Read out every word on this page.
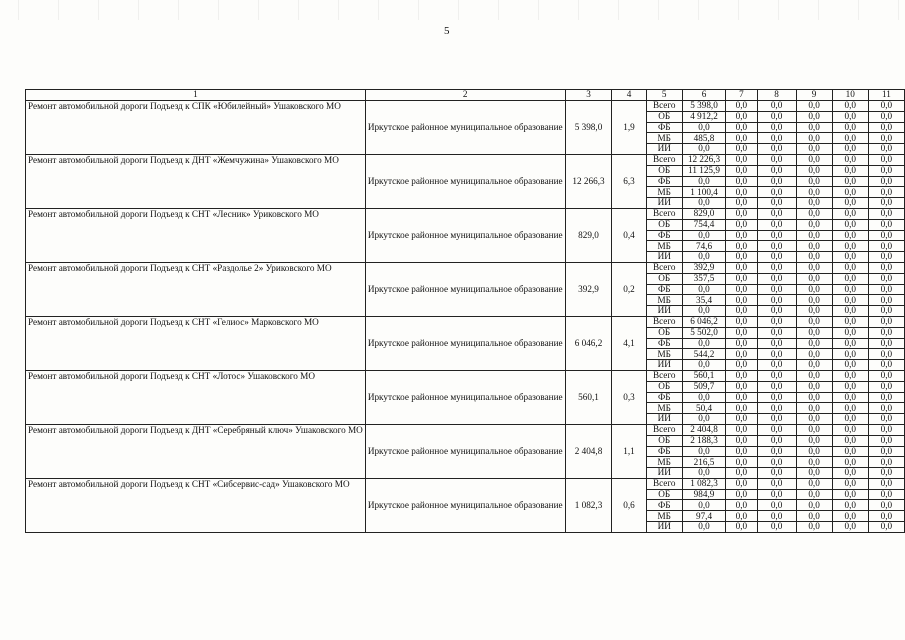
5
1	2	3	4	5	6	7	8	9	10	11
Ремонт автомобильной дороги Подъезд к СПК «Юбилейный» Ушаковского МО	Иркутское районное муниципальное образование	5 398,0	1,9	Всего	5 398,0	0,0	0,0	0,0	0,0	0,0
				ОБ	4 912,2	0,0	0,0	0,0	0,0	0,0
				ФБ	0,0	0,0	0,0	0,0	0,0	0,0
				МБ	485,8	0,0	0,0	0,0	0,0	0,0
				ИИ	0,0	0,0	0,0	0,0	0,0	0,0
Ремонт автомобильной дороги Подъезд к ДНТ «Жемчужина» Ушаковского МО	Иркутское районное муниципальное образование	12 266,3	6,3	Всего	12 226,3	0,0	0,0	0,0	0,0	0,0
				ОБ	11 125,9	0,0	0,0	0,0	0,0	0,0
				ФБ	0,0	0,0	0,0	0,0	0,0	0,0
				МБ	1 100,4	0,0	0,0	0,0	0,0	0,0
				ИИ	0,0	0,0	0,0	0,0	0,0	0,0
Ремонт автомобильной дороги Подъезд к СНТ «Лесник» Уриковского МО	Иркутское районное муниципальное образование	829,0	0,4	Всего	829,0	0,0	0,0	0,0	0,0	0,0
				ОБ	754,4	0,0	0,0	0,0	0,0	0,0
				ФБ	0,0	0,0	0,0	0,0	0,0	0,0
				МБ	74,6	0,0	0,0	0,0	0,0	0,0
				ИИ	0,0	0,0	0,0	0,0	0,0	0,0
Ремонт автомобильной дороги Подъезд к СНТ «Раздолье 2» Уриковского МО	Иркутское районное муниципальное образование	392,9	0,2	Всего	392,9	0,0	0,0	0,0	0,0	0,0
				ОБ	357,5	0,0	0,0	0,0	0,0	0,0
				ФБ	0,0	0,0	0,0	0,0	0,0	0,0
				МБ	35,4	0,0	0,0	0,0	0,0	0,0
				ИИ	0,0	0,0	0,0	0,0	0,0	0,0
Ремонт автомобильной дороги Подъезд к СНТ «Гелиос» Марковского МО	Иркутское районное муниципальное образование	6 046,2	4,1	Всего	6 046,2	0,0	0,0	0,0	0,0	0,0
				ОБ	5 502,0	0,0	0,0	0,0	0,0	0,0
				ФБ	0,0	0,0	0,0	0,0	0,0	0,0
				МБ	544,2	0,0	0,0	0,0	0,0	0,0
				ИИ	0,0	0,0	0,0	0,0	0,0	0,0
Ремонт автомобильной дороги Подъезд к СНТ «Лотос» Ушаковского МО	Иркутское районное муниципальное образование	560,1	0,3	Всего	560,1	0,0	0,0	0,0	0,0	0,0
				ОБ	509,7	0,0	0,0	0,0	0,0	0,0
				ФБ	0,0	0,0	0,0	0,0	0,0	0,0
				МБ	50,4	0,0	0,0	0,0	0,0	0,0
				ИИ	0,0	0,0	0,0	0,0	0,0	0,0
Ремонт автомобильной дороги Подъезд к ДНТ «Серебряный ключ» Ушаковского МО	Иркутское районное муниципальное образование	2 404,8	1,1	Всего	2 404,8	0,0	0,0	0,0	0,0	0,0
				ОБ	2 188,3	0,0	0,0	0,0	0,0	0,0
				ФБ	0,0	0,0	0,0	0,0	0,0	0,0
				МБ	216,5	0,0	0,0	0,0	0,0	0,0
				ИИ	0,0	0,0	0,0	0,0	0,0	0,0
Ремонт автомобильной дороги Подъезд к СНТ «Сибсервис-сад» Ушаковского МО	Иркутское районное муниципальное образование	1 082,3	0,6	Всего	1 082,3	0,0	0,0	0,0	0,0	0,0
				ОБ	984,9	0,0	0,0	0,0	0,0	0,0
				ФБ	0,0	0,0	0,0	0,0	0,0	0,0
				МБ	97,4	0,0	0,0	0,0	0,0	0,0
				ИИ	0,0	0,0	0,0	0,0	0,0	0,0
